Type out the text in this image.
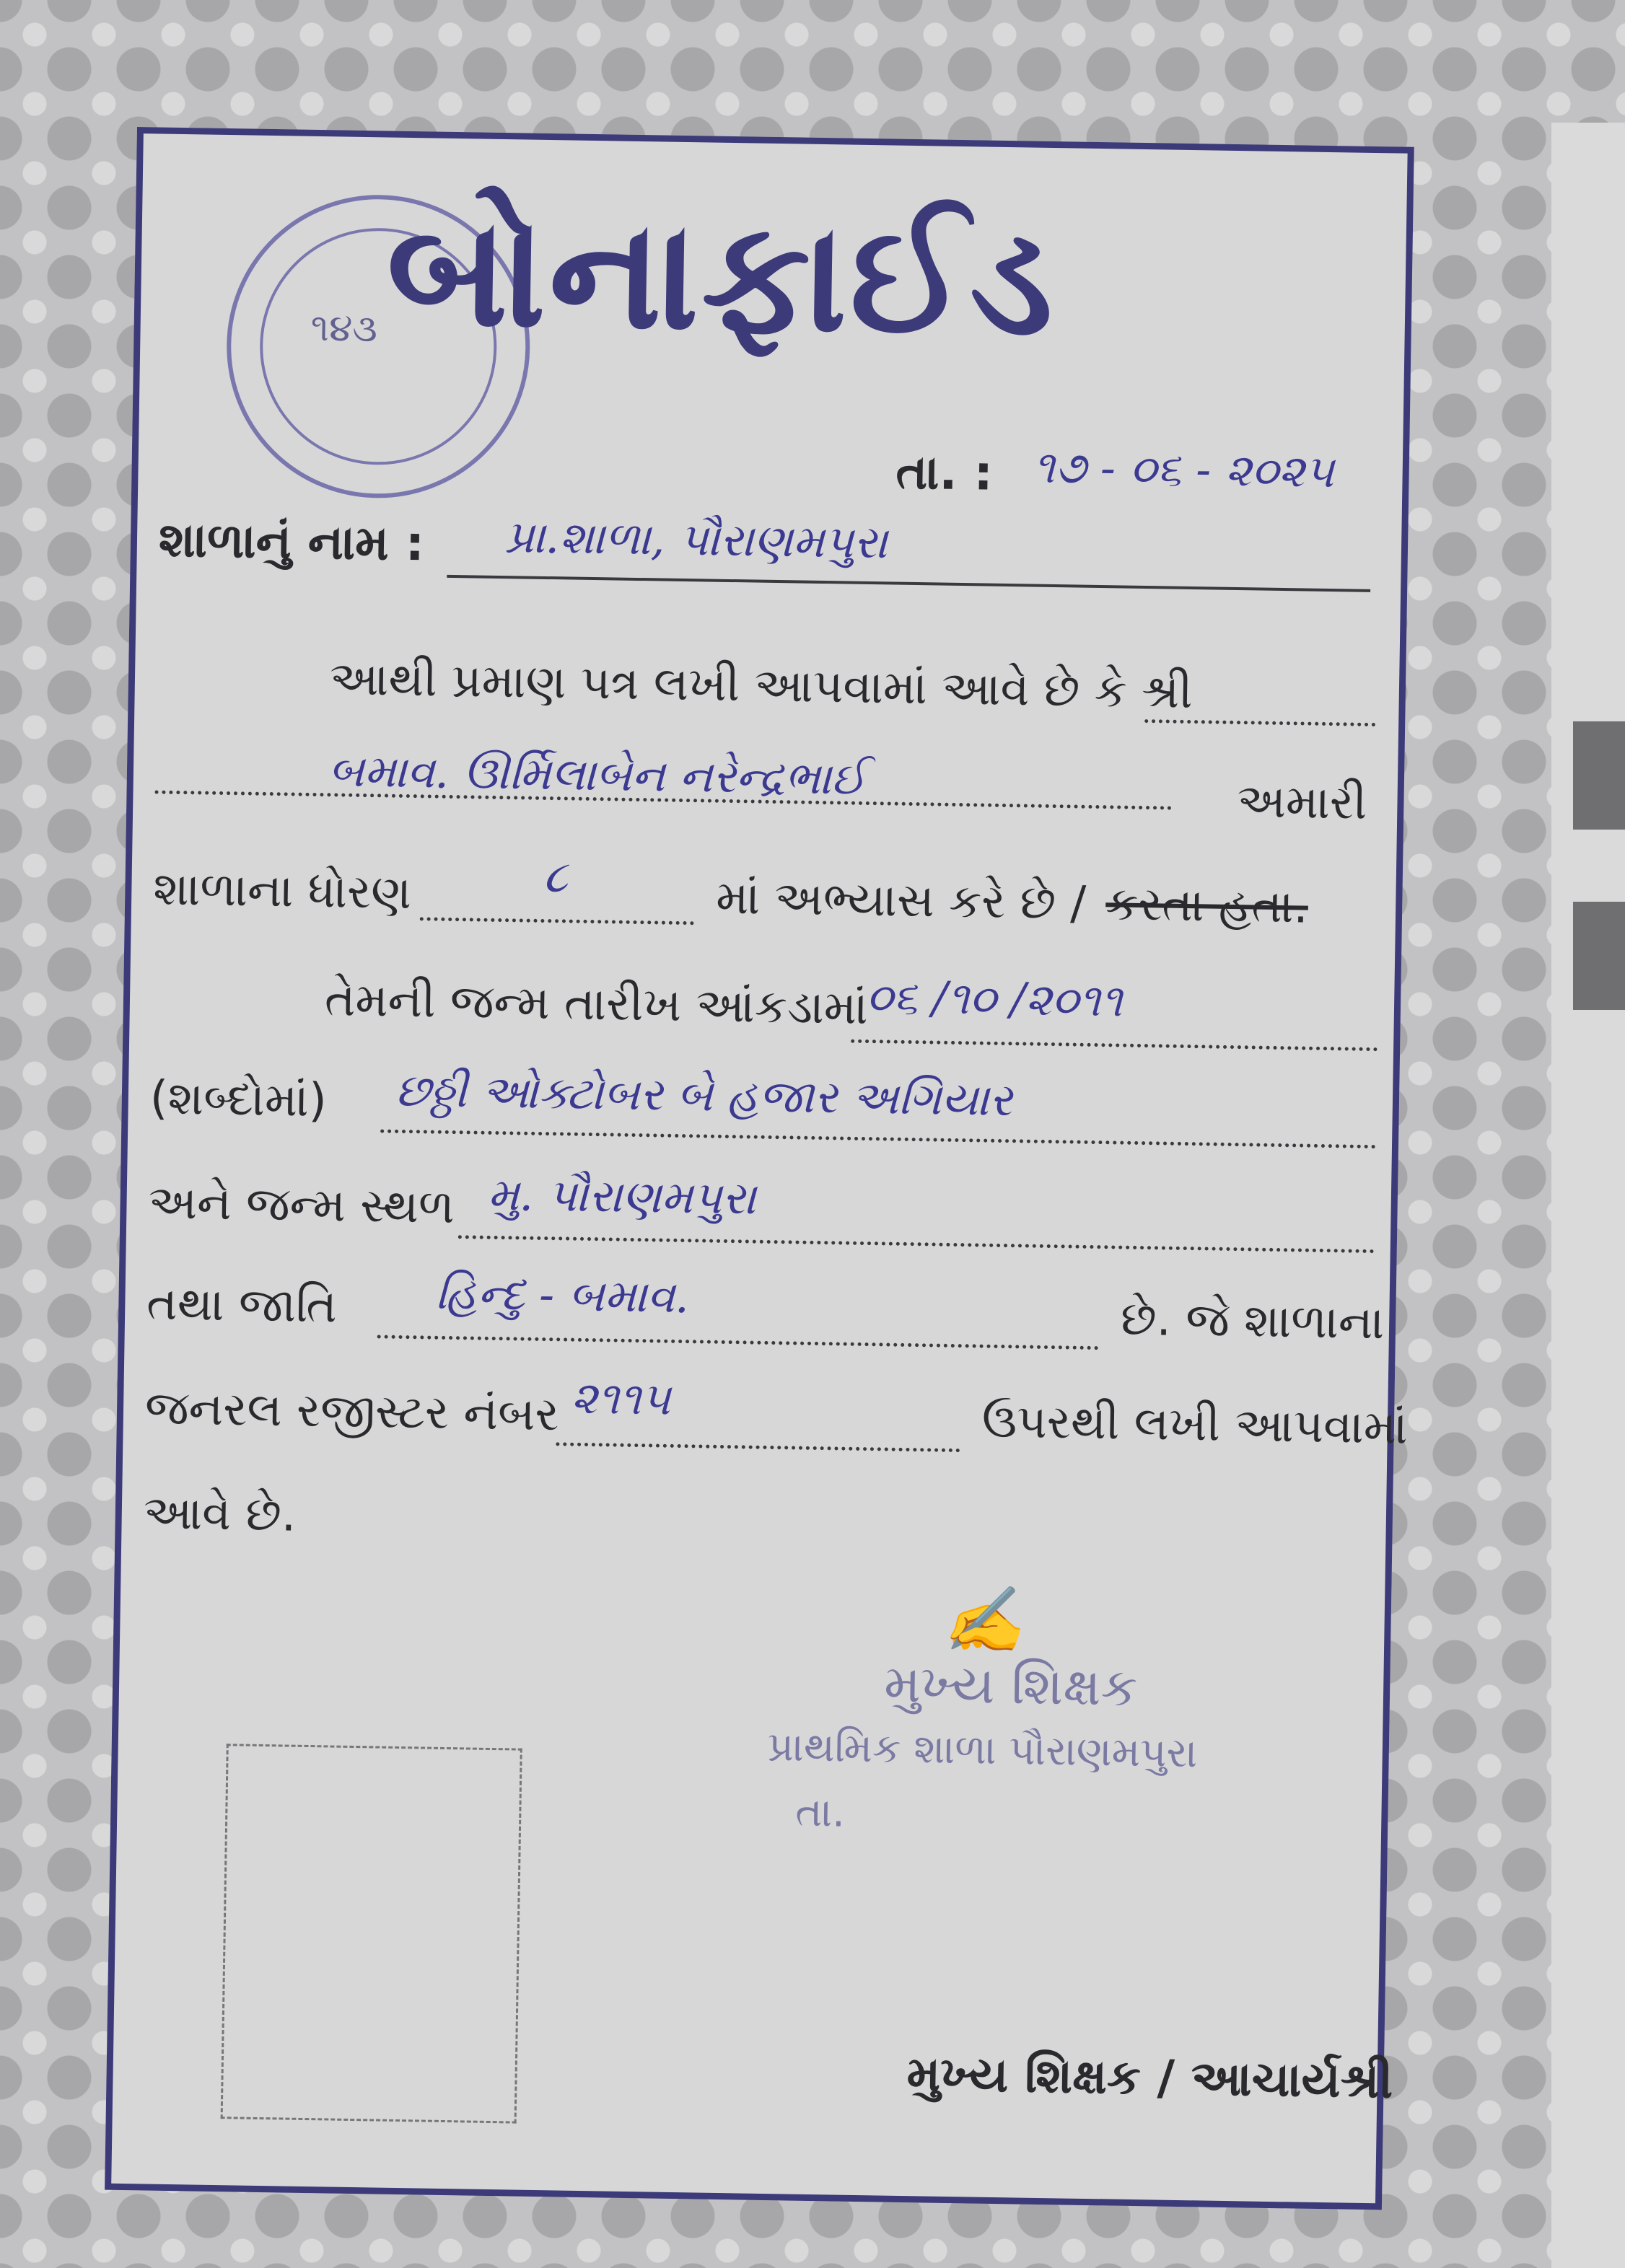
૧૪૩ બોનાફાઈડ
તા. : ૧૭ - ૦૬ - ૨૦૨૫
શાળાનું નામ : પ્રા.શાળા, પૌરાણમપુરા
આથી પ્રમાણ પત્ર લખી આપવામાં આવે છે કે શ્રી
બમાવ. ઊર્મિલાબેન નરેન્દ્રભાઈ	અમારી
શાળાના ધોરણ	૮	માં અભ્યાસ કરે છે / કરતા હતા.
તેમની જન્મ તારીખ આંકડામાં
૦૬ /૧૦ /૨૦૧૧
(શબ્દોમાં) છઠ્ઠી ઓક્ટોબર બે હજાર અગિયાર
અને જન્મ સ્થળ મુ. પૌરાણમપુરા
તથા જાતિ હિન્દુ - બમાવ.	છે. જે શાળાના
જનરલ રજીસ્ટર નંબર ૨૧૧૫	ઉપરથી લખી આપવામાં
આવે છે.
✍
મુખ્ય શિક્ષક
પ્રાથમિક શાળા પૌરાણમપુરા
તા.
મુખ્ય શિક્ષક / આચાર્યશ્રી
